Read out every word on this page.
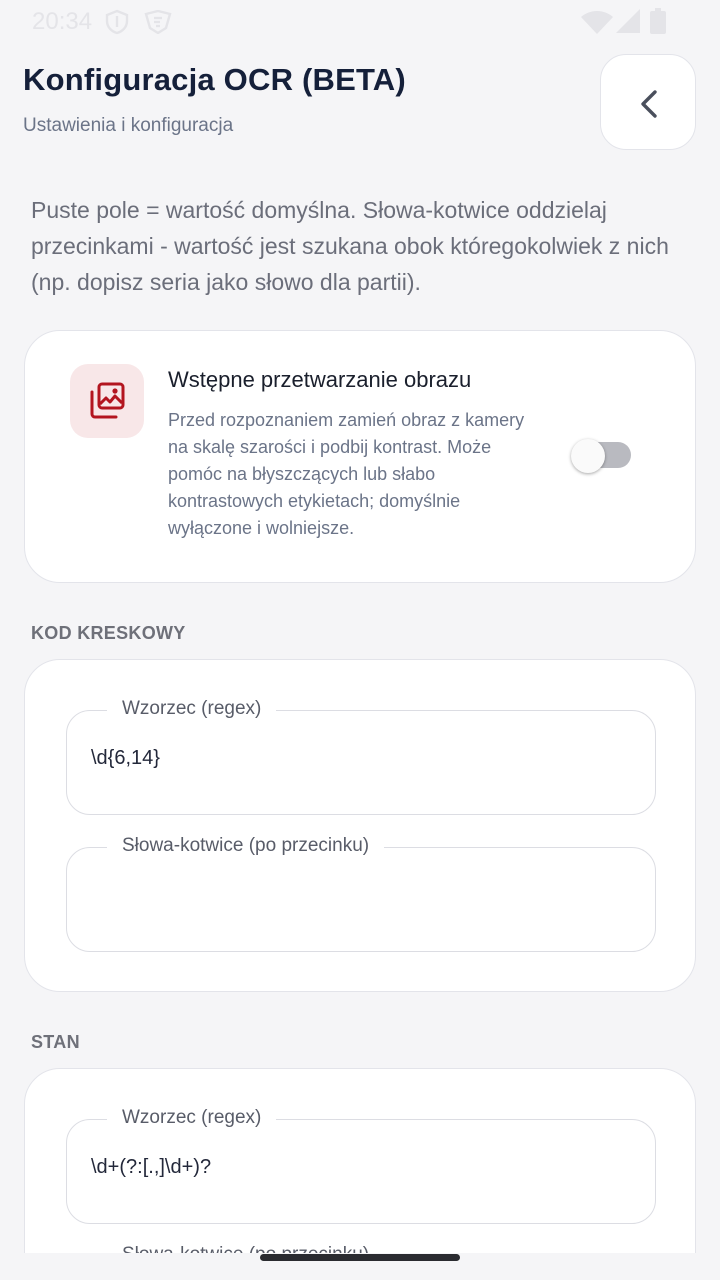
20:34
Konfiguracja OCR (BETA)
Ustawienia i konfiguracja
Puste pole = wartość domyślna. Słowa-kotwice oddzielaj przecinkami - wartość jest szukana obok któregokolwiek z nich (np. dopisz seria jako słowo dla partii).
Wstępne przetwarzanie obrazu
Przed rozpoznaniem zamień obraz z kamery na skalę szarości i podbij kontrast. Może pomóc na błyszczących lub słabo kontrastowych etykietach; domyślnie wyłączone i wolniejsze.
KOD KRESKOWY
Wzorzec (regex)
\d{6,14}
Słowa-kotwice (po przecinku)
STAN
Wzorzec (regex)
\d+(?:[.,]\d+)?
